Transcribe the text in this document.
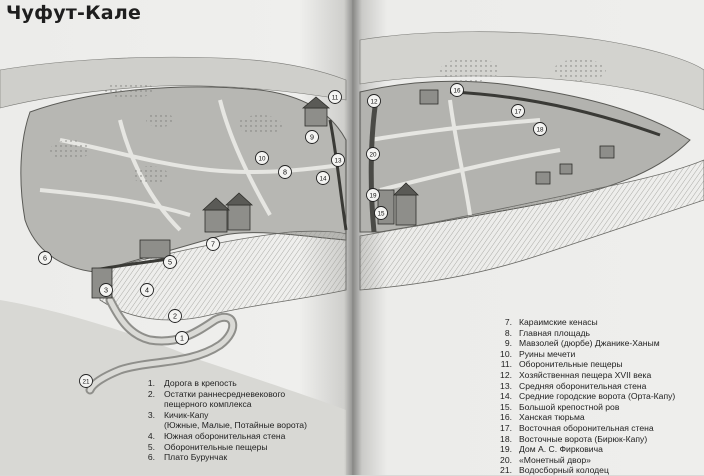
1
2
3	4
5
6
7
8
9
10
11
12
13
14
15
16
17
18
19
20
21
Чуфут-Кале
1. Дорога в крепость
2. Остатки раннесредневекового
пещерного комплекса
3. Кичик-Капу
(Южные, Малые, Потайные ворота)
4. Южная оборонительная стена
5. Оборонительные пещеры
6. Плато Бурунчак
7. Караимские кенасы
8. Главная площадь
9. Мавзолей (дюрбе) Джанике-Ханым
10. Руины мечети
11. Оборонительные пещеры
12. Хозяйственная пещера XVII века
13. Средняя оборонительная стена
14. Средние городские ворота (Орта-Капу)
15. Большой крепостной ров
16. Ханская тюрьма
17. Восточная оборонительная стена
18. Восточные ворота (Бирюк-Капу)
19. Дом А. С. Фирковича
20. «Монетный двор»
21. Водосборный колодец
